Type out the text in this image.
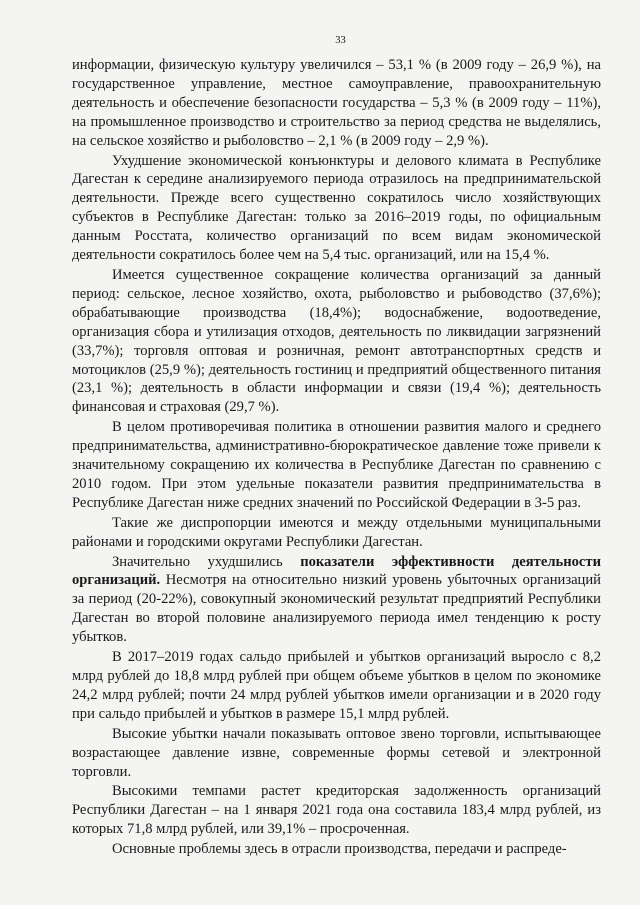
33

информации, физическую культуру увеличился – 53,1 % (в 2009 году – 26,9 %), на государственное управление, местное самоуправление, правоохранительную деятельность и обеспечение безопасности государства – 5,3 % (в 2009 году – 11%), на промышленное производство и строительство за период средства не выделялись, на сельское хозяйство и рыболовство – 2,1 % (в 2009 году – 2,9 %).

Ухудшение экономической конъюнктуры и делового климата в Республике Дагестан к середине анализируемого периода отразилось на предпринимательской деятельности. Прежде всего существенно сократилось число хозяйствующих субъектов в Республике Дагестан: только за 2016–2019 годы, по официальным данным Росстата, количество организаций по всем видам экономической деятельности сократилось более чем на 5,4 тыс. организаций, или на 15,4 %.

Имеется существенное сокращение количества организаций за данный период: сельское, лесное хозяйство, охота, рыболовство и рыбоводство (37,6%); обрабатывающие производства (18,4%); водоснабжение, водоотведение, организация сбора и утилизация отходов, деятельность по ликвидации загрязнений (33,7%); торговля оптовая и розничная, ремонт автотранспортных средств и мотоциклов (25,9 %); деятельность гостиниц и предприятий общественного питания (23,1 %); деятельность в области информации и связи (19,4 %); деятельность финансовая и страховая (29,7 %).

В целом противоречивая политика в отношении развития малого и среднего предпринимательства, административно-бюрократическое давление тоже привели к значительному сокращению их количества в Республике Дагестан по сравнению с 2010 годом. При этом удельные показатели развития предпринимательства в Республике Дагестан ниже средних значений по Российской Федерации в 3-5 раз.

Такие же диспропорции имеются и между отдельными муниципальными районами и городскими округами Республики Дагестан.

Значительно ухудшились показатели эффективности деятельности организаций. Несмотря на относительно низкий уровень убыточных организаций за период (20-22%), совокупный экономический результат предприятий Республики Дагестан во второй половине анализируемого периода имел тенденцию к росту убытков.

В 2017–2019 годах сальдо прибылей и убытков организаций выросло с 8,2 млрд рублей до 18,8 млрд рублей при общем объеме убытков в целом по экономике 24,2 млрд рублей; почти 24 млрд рублей убытков имели организации и в 2020 году при сальдо прибылей и убытков в размере 15,1 млрд рублей.

Высокие убытки начали показывать оптовое звено торговли, испытывающее возрастающее давление извне, современные формы сетевой и электронной торговли.

Высокими темпами растет кредиторская задолженность организаций Республики Дагестан – на 1 января 2021 года она составила 183,4 млрд рублей, из которых 71,8 млрд рублей, или 39,1% – просроченная.

Основные проблемы здесь в отрасли производства, передачи и распреде-
